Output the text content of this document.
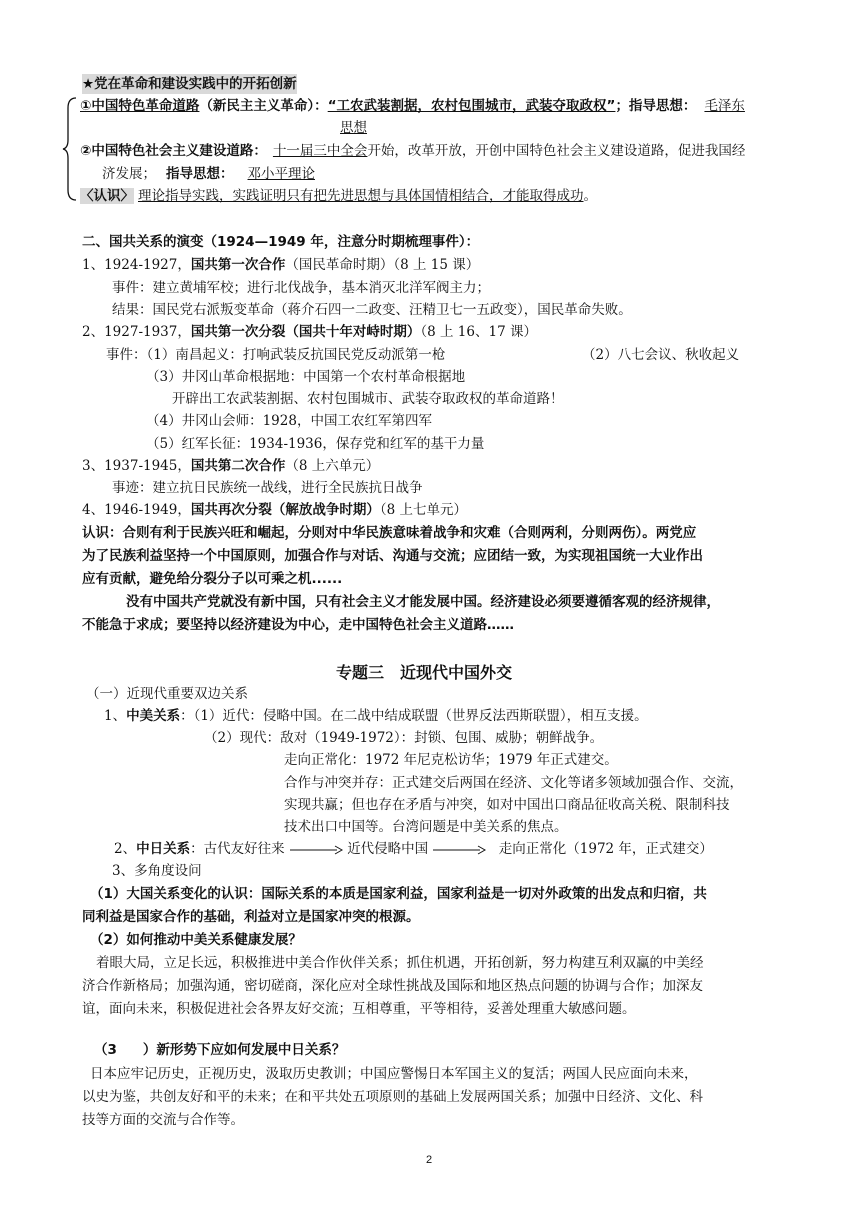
★党在革命和建设实践中的开拓创新
①中国特色革命道路（新民主主义革命）：“工农武装割据，农村包围城市，武装夺取政权”；指导思想： 毛泽东
思想
②中国特色社会主义建设道路： 十一届三中全会开始，改革开放，开创中国特色社会主义建设道路，促进我国经
济发展； 指导思想： 邓小平理论
〈认识〉 理论指导实践，实践证明只有把先进思想与具体国情相结合，才能取得成功。
二、国共关系的演变（1924—1949 年，注意分时期梳理事件）：
1、1924-1927，国共第一次合作（国民革命时期）（8 上 15 课）
事件：建立黄埔军校；进行北伐战争，基本消灭北洋军阀主力；
结果：国民党右派叛变革命（蒋介石四一二政变、汪精卫七一五政变），国民革命失败。
2、1927-1937，国共第一次分裂（国共十年对峙时期）（8 上 16、17 课）
事件：（1）南昌起义：打响武装反抗国民党反动派第一枪	（2）八七会议、秋收起义
（3）井冈山革命根据地：中国第一个农村革命根据地
开辟出工农武装割据、农村包围城市、武装夺取政权的革命道路！
（4）井冈山会师：1928，中国工农红军第四军
（5）红军长征：1934-1936，保存党和红军的基干力量
3、1937-1945，国共第二次合作（8 上六单元）
事迹：建立抗日民族统一战线，进行全民族抗日战争
4、1946-1949，国共再次分裂（解放战争时期）（8 上七单元）
认识：合则有利于民族兴旺和崛起，分则对中华民族意味着战争和灾难（合则两利，分则两伤）。两党应
为了民族利益坚持一个中国原则，加强合作与对话、沟通与交流；应团结一致，为实现祖国统一大业作出
应有贡献，避免给分裂分子以可乘之机......
没有中国共产党就没有新中国，只有社会主义才能发展中国。经济建设必须要遵循客观的经济规律，
不能急于求成；要坚持以经济建设为中心，走中国特色社会主义道路……
专题三　近现代中国外交
（一）近现代重要双边关系
1、中美关系：（1）近代：侵略中国。在二战中结成联盟（世界反法西斯联盟），相互支援。
（2）现代：敌对（1949-1972）：封锁、包围、威胁；朝鲜战争。
走向正常化：1972 年尼克松访华；1979 年正式建交。
合作与冲突并存：正式建交后两国在经济、文化等诸多领域加强合作、交流，
实现共赢；但也存在矛盾与冲突，如对中国出口商品征收高关税、限制科技
技术出口中国等。台湾问题是中美关系的焦点。
2、中日关系：古代友好往来	近代侵略中国	走向正常化（1972 年，正式建交）
3、多角度设问
（1）大国关系变化的认识：国际关系的本质是国家利益，国家利益是一切对外政策的出发点和归宿，共
同利益是国家合作的基础，利益对立是国家冲突的根源。
（2）如何推动中美关系健康发展？
着眼大局，立足长远，积极推进中美合作伙伴关系；抓住机遇，开拓创新，努力构建互利双赢的中美经
济合作新格局；加强沟通，密切磋商，深化应对全球性挑战及国际和地区热点问题的协调与合作；加深友
谊，面向未来，积极促进社会各界友好交流；互相尊重，平等相待，妥善处理重大敏感问题。
（3 ）新形势下应如何发展中日关系？
日本应牢记历史，正视历史，汲取历史教训；中国应警惕日本军国主义的复活；两国人民应面向未来，
以史为鉴，共创友好和平的未来；在和平共处五项原则的基础上发展两国关系；加强中日经济、文化、科
技等方面的交流与合作等。
2
